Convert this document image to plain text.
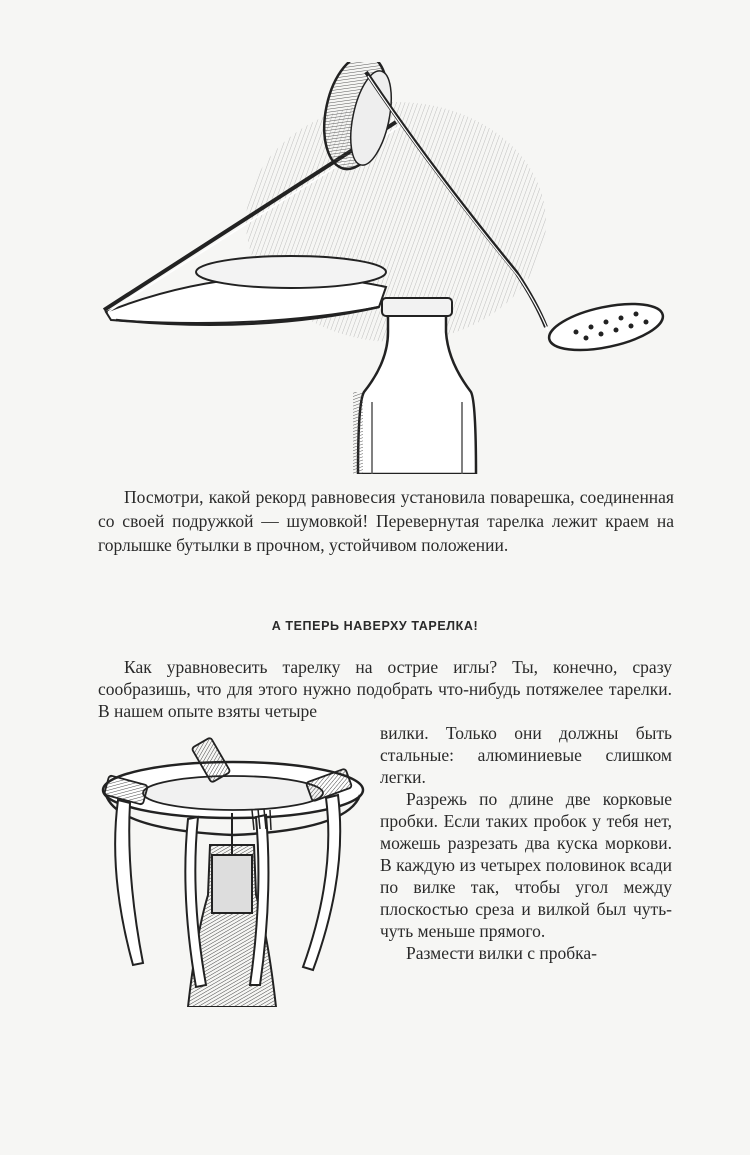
Посмотри, какой рекорд равновесия установила поварешка, соединенная со своей подружкой — шумовкой! Перевернутая тарелка лежит краем на горлышке бутылки в прочном, устойчивом положении.

А ТЕПЕРЬ НАВЕРХУ ТАРЕЛКА!

Как уравновесить тарелку на острие иглы? Ты, конечно, сразу сообразишь, что для этого нужно подобрать что-нибудь потяжелее тарелки. В нашем опыте взяты четыре

вилки. Только они должны быть стальные: алюминиевые слишком легки.

Разрежь по длине две корковые пробки. Если таких пробок у тебя нет, можешь разрезать два куска моркови. В каждую из четырех половинок всади по вилке так, чтобы угол между плоскостью среза и вилкой был чуть-чуть меньше прямого.

Размести вилки с пробка-
